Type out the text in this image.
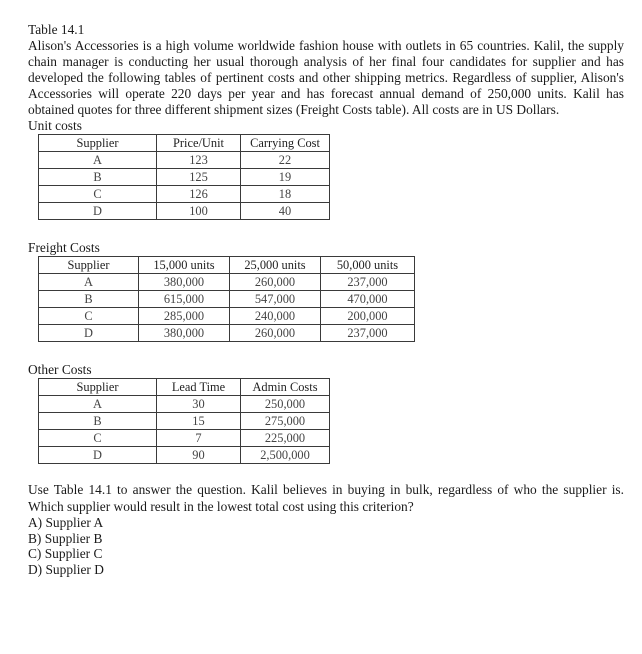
Table 14.1

Alison's Accessories is a high volume worldwide fashion house with outlets in 65 countries. Kalil, the supply chain manager is conducting her usual thorough analysis of her final four candidates for supplier and has developed the following tables of pertinent costs and other shipping metrics. Regardless of supplier, Alison's Accessories will operate 220 days per year and has forecast annual demand of 250,000 units. Kalil has obtained quotes for three different shipment sizes (Freight Costs table). All costs are in US Dollars.

Unit costs

Supplier	Price/Unit	Carrying Cost
A	123	22
B	125	19
C	126	18
D	100	40

Freight Costs

Supplier	15,000 units	25,000 units	50,000 units
A	380,000	260,000	237,000
B	615,000	547,000	470,000
C	285,000	240,000	200,000
D	380,000	260,000	237,000

Other Costs

Supplier	Lead Time	Admin Costs
A	30	250,000
B	15	275,000
C	7	225,000
D	90	2,500,000

Use Table 14.1 to answer the question. Kalil believes in buying in bulk, regardless of who the supplier is. Which supplier would result in the lowest total cost using this criterion?

A) Supplier A
B) Supplier B
C) Supplier C
D) Supplier D
